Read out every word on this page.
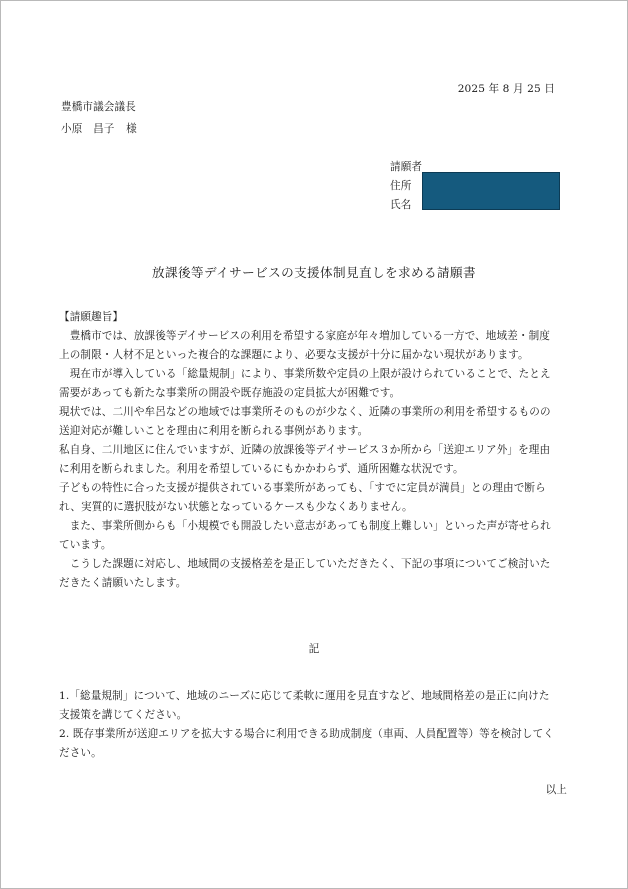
2025 年 8 月 25 日
豊橋市議会議長
小原　昌子 様
請願者
住所
氏名
放課後等デイサービスの支援体制見直しを求める請願書

【請願趣旨】

　豊橋市では、放課後等デイサービスの利用を希望する家庭が年々増加している一方で、地域差・制度

上の制限・人材不足といった複合的な課題により、必要な支援が十分に届かない現状があります。

　現在市が導入している「総量規制」により、事業所数や定員の上限が設けられていることで、たとえ

需要があっても新たな事業所の開設や既存施設の定員拡大が困難です。

現状では、二川や牟呂などの地域では事業所そのものが少なく、近隣の事業所の利用を希望するものの

送迎対応が難しいことを理由に利用を断られる事例があります。

私自身、二川地区に住んでいますが、近隣の放課後等デイサービス３か所から「送迎エリア外」を理由

に利用を断られました。利用を希望しているにもかかわらず、通所困難な状況です。

子どもの特性に合った支援が提供されている事業所があっても、「すでに定員が満員」との理由で断ら

れ、実質的に選択肢がない状態となっているケースも少なくありません。

　また、事業所側からも「小規模でも開設したい意志があっても制度上難しい」といった声が寄せられ

ています。

　こうした課題に対応し、地域間の支援格差を是正していただきたく、下記の事項についてご検討いた

だきたく請願いたします。

記

1.「総量規制」について、地域のニーズに応じて柔軟に運用を見直すなど、地域間格差の是正に向けた

支援策を講じてください。

2. 既存事業所が送迎エリアを拡大する場合に利用できる助成制度（車両、人員配置等）等を検討してく

ださい。

以上
